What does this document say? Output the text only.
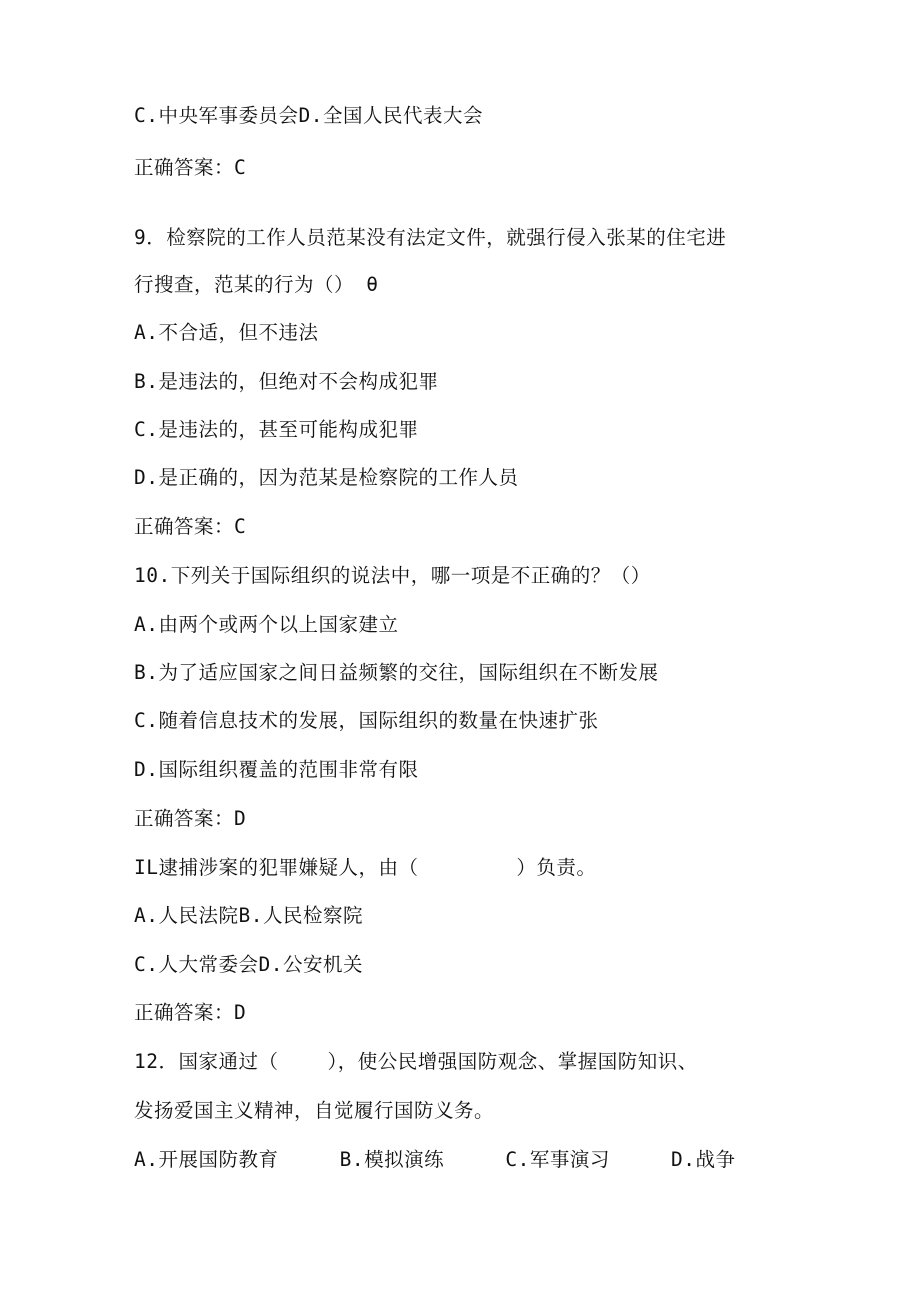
C.中央军事委员会D.全国人民代表大会
正确答案：C
9．检察院的工作人员范某没有法定文件，就强行侵入张某的住宅进
行搜查，范某的行为（） θ
A.不合适，但不违法
B.是违法的，但绝对不会构成犯罪
C.是违法的，甚至可能构成犯罪
D.是正确的，因为范某是检察院的工作人员
正确答案：C
10.下列关于国际组织的说法中，哪一项是不正确的？（）
A.由两个或两个以上国家建立
B.为了适应国家之间日益频繁的交往，国际组织在不断发展
C.随着信息技术的发展，国际组织的数量在快速扩张
D.国际组织覆盖的范围非常有限
正确答案：D
IL逮捕涉案的犯罪嫌疑人，由（        ）负责。
A.人民法院B.人民检察院
C.人大常委会D.公安机关
正确答案：D
12．国家通过（    ），使公民增强国防观念、掌握国防知识、
发扬爱国主义精神，自觉履行国防义务。
A.开展国防教育     B.模拟演练     C.军事演习     D.战争
